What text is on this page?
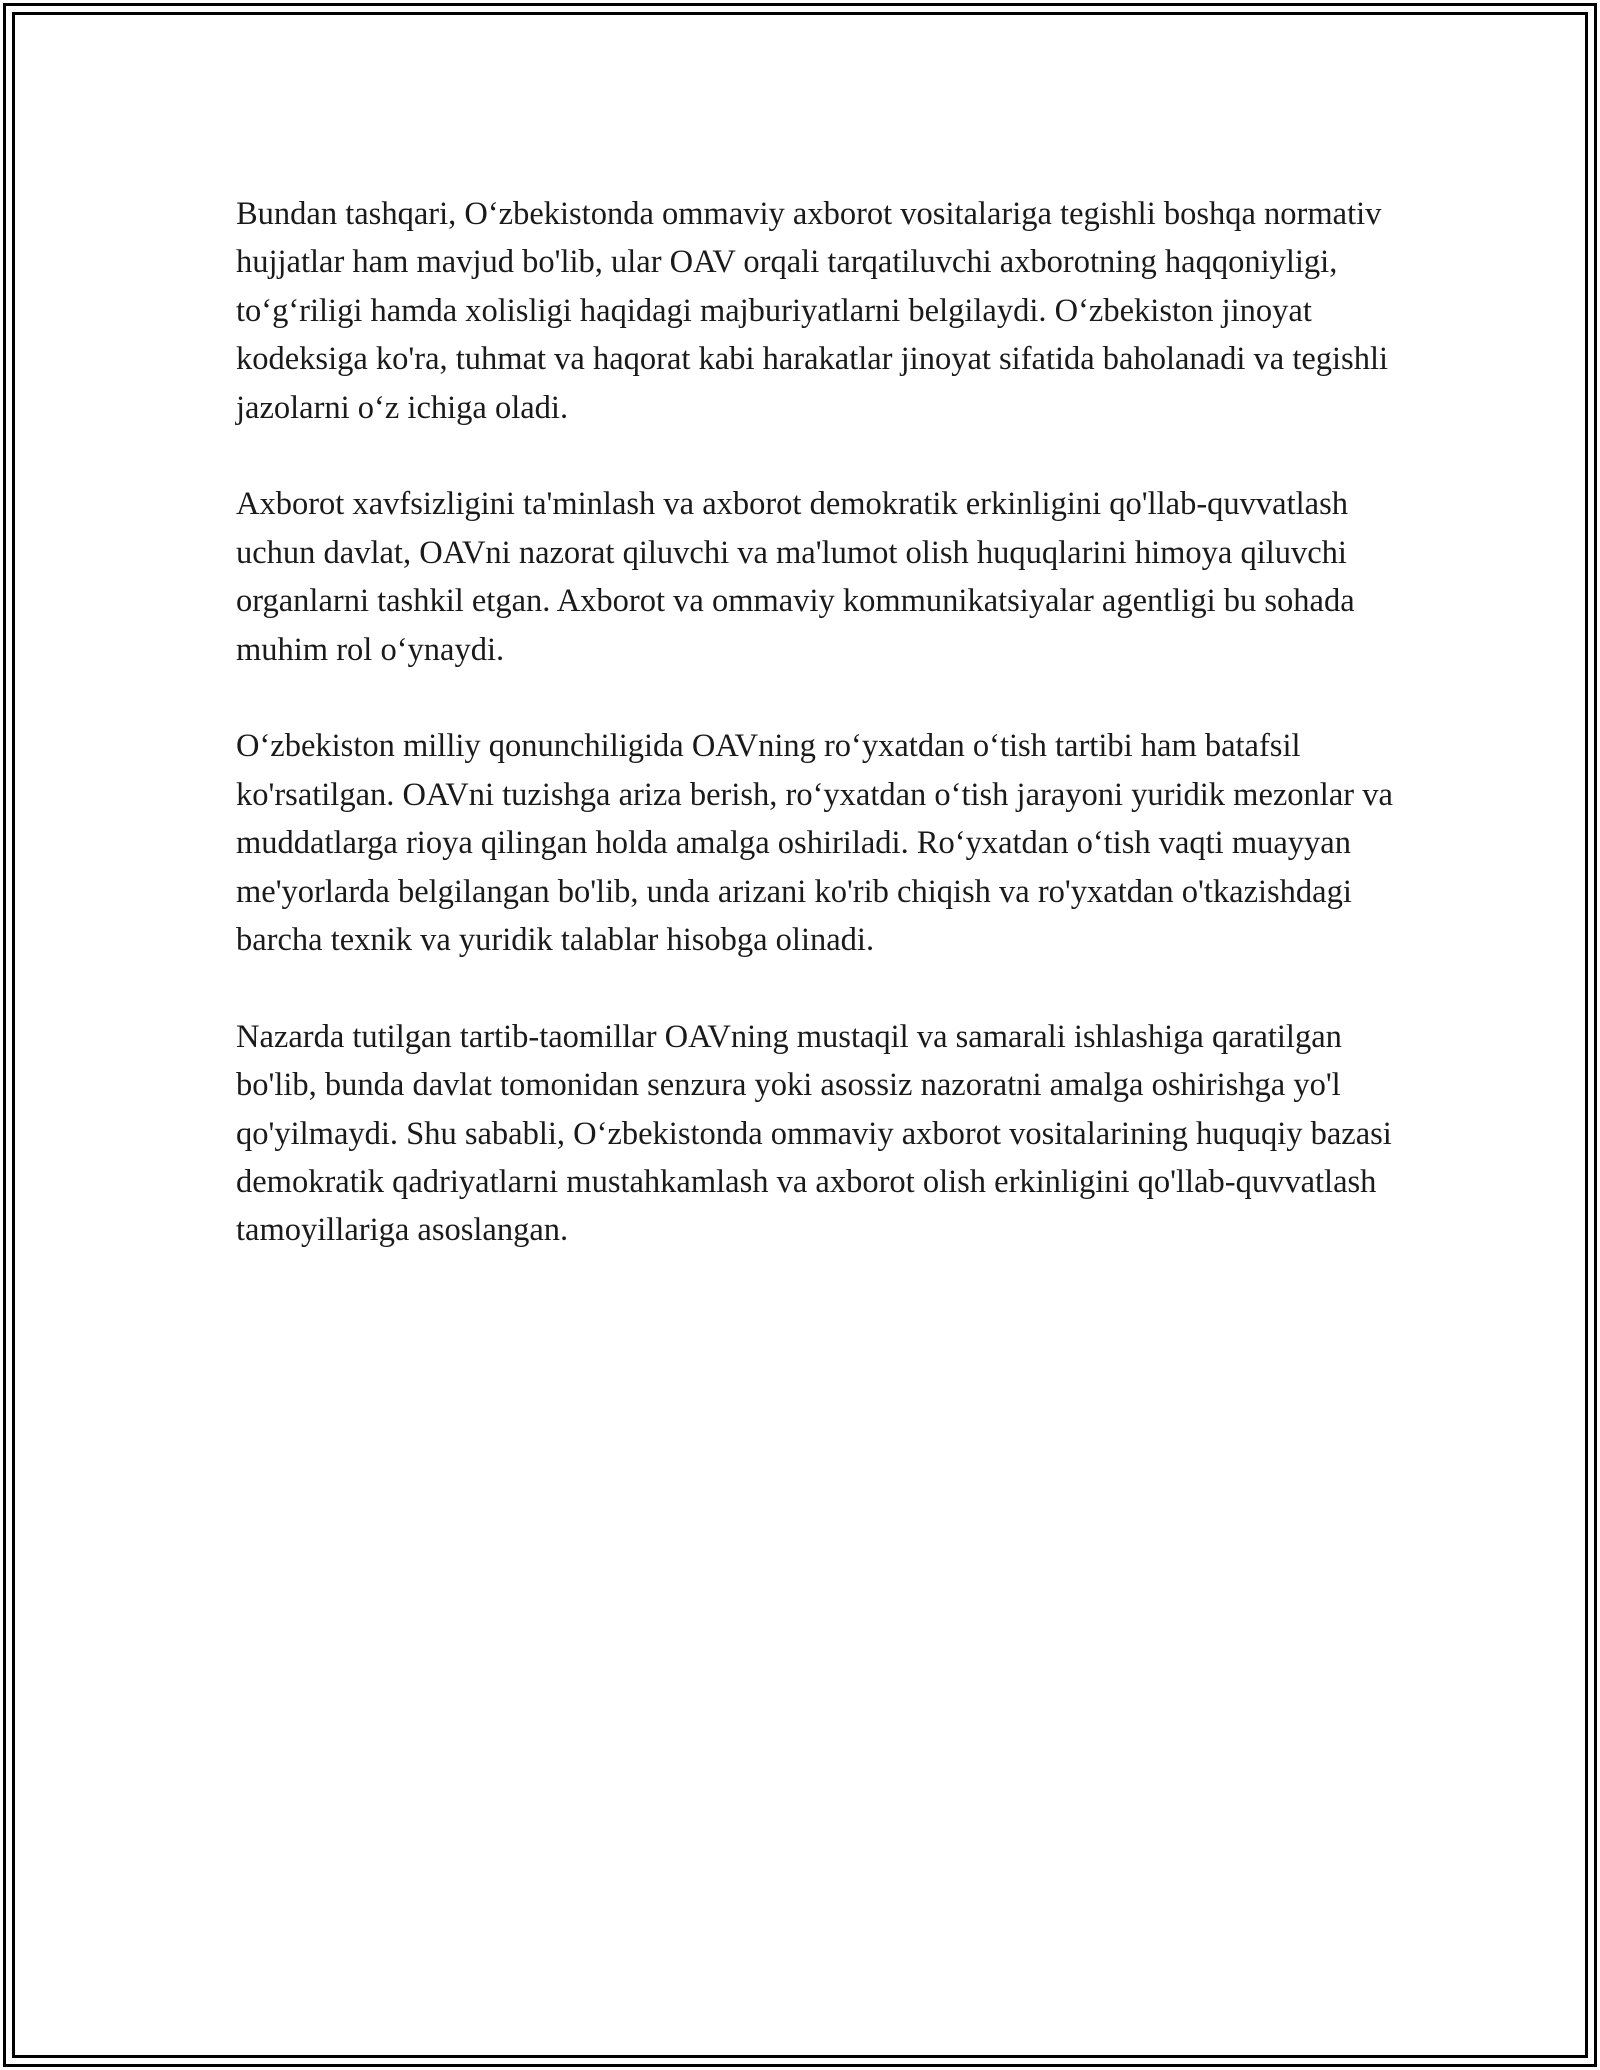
Bundan tashqari, O‘zbekistonda ommaviy axborot vositalariga tegishli boshqa normativ hujjatlar ham mavjud bo'lib, ular OAV orqali tarqatiluvchi axborotning haqqoniyligi, to‘g‘riligi hamda xolisligi haqidagi majburiyatlarni belgilaydi. O‘zbekiston jinoyat kodeksiga ko'ra, tuhmat va haqorat kabi harakatlar jinoyat sifatida baholanadi va tegishli jazolarni o‘z ichiga oladi.

Axborot xavfsizligini ta'minlash va axborot demokratik erkinligini qo'llab-quvvatlash uchun davlat, OAVni nazorat qiluvchi va ma'lumot olish huquqlarini himoya qiluvchi organlarni tashkil etgan. Axborot va ommaviy kommunikatsiyalar agentligi bu sohada muhim rol o‘ynaydi.

O‘zbekiston milliy qonunchiligida OAVning ro‘yxatdan o‘tish tartibi ham batafsil ko'rsatilgan. OAVni tuzishga ariza berish, ro‘yxatdan o‘tish jarayoni yuridik mezonlar va muddatlarga rioya qilingan holda amalga oshiriladi. Ro‘yxatdan o‘tish vaqti muayyan me'yorlarda belgilangan bo'lib, unda arizani ko'rib chiqish va ro'yxatdan o'tkazishdagi barcha texnik va yuridik talablar hisobga olinadi.

Nazarda tutilgan tartib-taomillar OAVning mustaqil va samarali ishlashiga qaratilgan bo'lib, bunda davlat tomonidan senzura yoki asossiz nazoratni amalga oshirishga yo'l qo'yilmaydi. Shu sababli, O‘zbekistonda ommaviy axborot vositalarining huquqiy bazasi demokratik qadriyatlarni mustahkamlash va axborot olish erkinligini qo'llab-quvvatlash tamoyillariga asoslangan.
